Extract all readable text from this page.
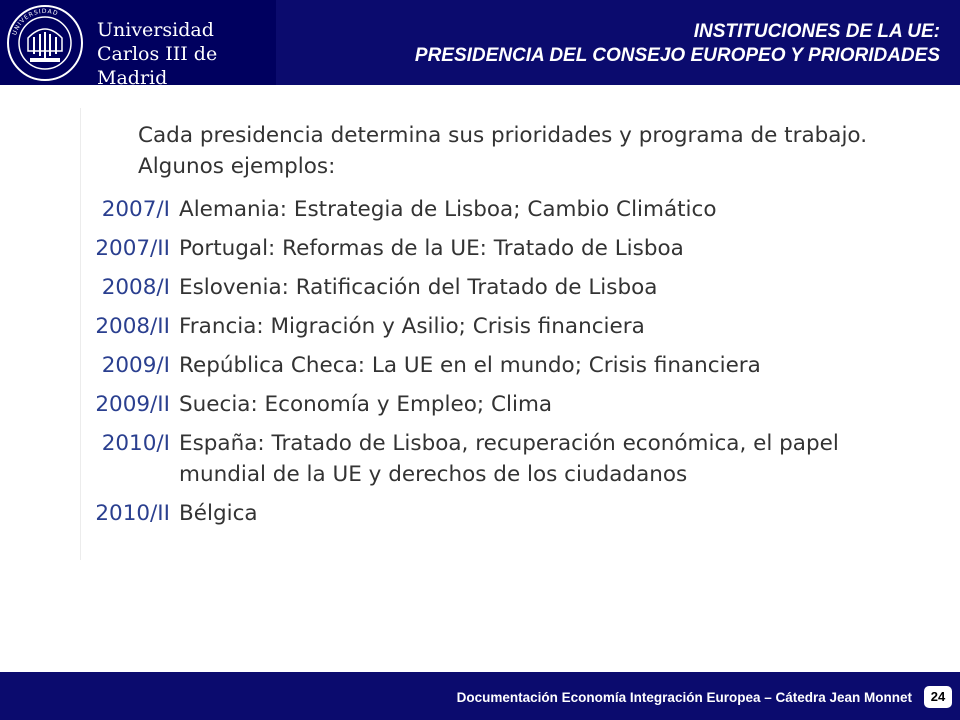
UNIVERSIDAD
Universidad
Carlos III de Madrid
INSTITUCIONES DE LA UE:
PRESIDENCIA DEL CONSEJO EUROPEO Y PRIORIDADES
Cada presidencia determina sus prioridades y programa de trabajo.
Algunos ejemplos:
2007/I Alemania: Estrategia de Lisboa; Cambio Climático
2007/II Portugal: Reformas de la UE: Tratado de Lisboa
2008/I Eslovenia: Ratificación del Tratado de Lisboa
2008/II Francia: Migración y Asilio; Crisis financiera
2009/I República Checa: La UE en el mundo; Crisis financiera
2009/II Suecia: Economía y Empleo; Clima
2010/I España: Tratado de Lisboa, recuperación económica, el papel mundial de la UE y derechos de los ciudadanos
2010/II Bélgica
Documentación Economía Integración Europea – Cátedra Jean Monnet	24
